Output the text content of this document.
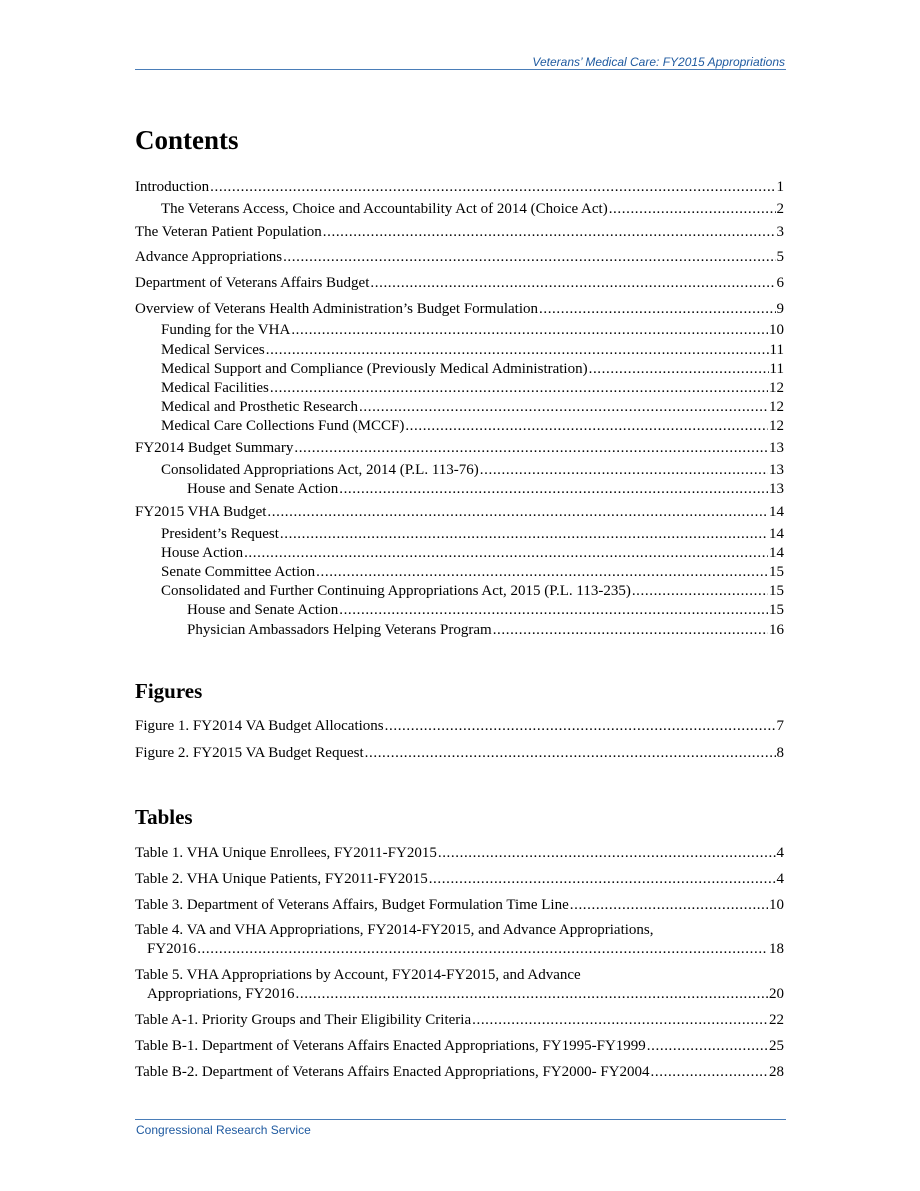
Veterans’ Medical Care: FY2015 Appropriations
Contents
Introduction .....	1
The Veterans Access, Choice and Accountability Act of 2014 (Choice Act) .....	2
The Veteran Patient Population .....	3
Advance Appropriations .....	5
Department of Veterans Affairs Budget .....	6
Overview of Veterans Health Administration’s Budget Formulation .....	9
Funding for the VHA .....	10
Medical Services .....	11
Medical Support and Compliance (Previously Medical Administration) .....	11
Medical Facilities .....	12
Medical and Prosthetic Research .....	12
Medical Care Collections Fund (MCCF) .....	12
FY2014 Budget Summary .....	13
Consolidated Appropriations Act, 2014 (P.L. 113-76) .....	13
House and Senate Action .....	13
FY2015 VHA Budget .....	14
President’s Request .....	14
House Action .....	14
Senate Committee Action .....	15
Consolidated and Further Continuing Appropriations Act, 2015 (P.L. 113-235) .....	15
House and Senate Action .....	15
Physician Ambassadors Helping Veterans Program .....	16
Figures
Figure 1. FY2014 VA Budget Allocations .....	7
Figure 2. FY2015 VA Budget Request .....	8
Tables
Table 1. VHA Unique Enrollees, FY2011-FY2015 .....	4
Table 2. VHA Unique Patients, FY2011-FY2015 .....	4
Table 3. Department of Veterans Affairs, Budget Formulation Time Line .....	10
Table 4. VA and VHA Appropriations, FY2014-FY2015, and Advance Appropriations,
FY2016 .....	18
Table 5. VHA Appropriations by Account, FY2014-FY2015, and Advance
Appropriations, FY2016 .....	20
Table A-1. Priority Groups and Their Eligibility Criteria .....	22
Table B-1. Department of Veterans Affairs Enacted Appropriations, FY1995-FY1999 .....	25
Table B-2. Department of Veterans Affairs Enacted Appropriations, FY2000- FY2004 .....	28
Congressional Research Service
